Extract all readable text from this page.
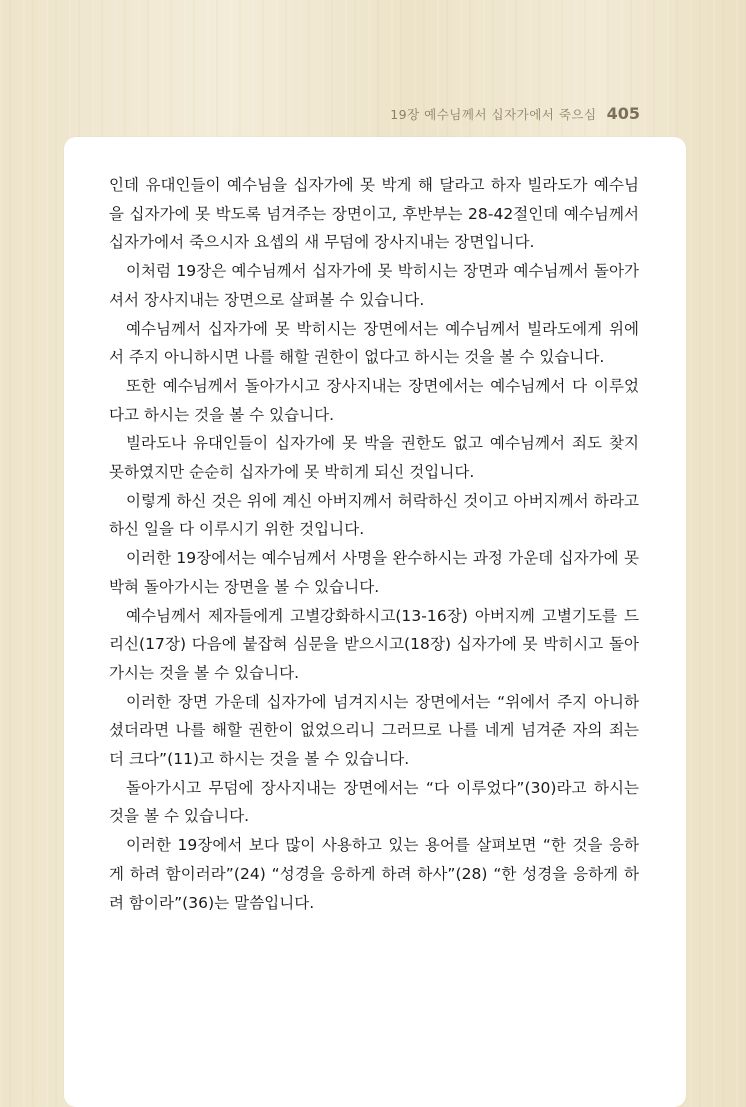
19장 예수님께서 십자가에서 죽으심 405

인데 유대인들이 예수님을 십자가에 못 박게 해 달라고 하자 빌라도가 예수님을 십자가에 못 박도록 넘겨주는 장면이고, 후반부는 28-42절인데 예수님께서 십자가에서 죽으시자 요셉의 새 무덤에 장사지내는 장면입니다.

이처럼 19장은 예수님께서 십자가에 못 박히시는 장면과 예수님께서 돌아가셔서 장사지내는 장면으로 살펴볼 수 있습니다.

예수님께서 십자가에 못 박히시는 장면에서는 예수님께서 빌라도에게 위에서 주지 아니하시면 나를 해할 권한이 없다고 하시는 것을 볼 수 있습니다.

또한 예수님께서 돌아가시고 장사지내는 장면에서는 예수님께서 다 이루었다고 하시는 것을 볼 수 있습니다.

빌라도나 유대인들이 십자가에 못 박을 권한도 없고 예수님께서 죄도 찾지 못하였지만 순순히 십자가에 못 박히게 되신 것입니다.

이렇게 하신 것은 위에 계신 아버지께서 허락하신 것이고 아버지께서 하라고 하신 일을 다 이루시기 위한 것입니다.

이러한 19장에서는 예수님께서 사명을 완수하시는 과정 가운데 십자가에 못 박혀 돌아가시는 장면을 볼 수 있습니다.

예수님께서 제자들에게 고별강화하시고(13-16장) 아버지께 고별기도를 드리신(17장) 다음에 붙잡혀 심문을 받으시고(18장) 십자가에 못 박히시고 돌아가시는 것을 볼 수 있습니다.

이러한 장면 가운데 십자가에 넘겨지시는 장면에서는 “위에서 주지 아니하셨더라면 나를 해할 권한이 없었으리니 그러므로 나를 네게 넘겨준 자의 죄는 더 크다”(11)고 하시는 것을 볼 수 있습니다.

돌아가시고 무덤에 장사지내는 장면에서는 “다 이루었다”(30)라고 하시는 것을 볼 수 있습니다.

이러한 19장에서 보다 많이 사용하고 있는 용어를 살펴보면 “한 것을 응하게 하려 함이러라”(24) “성경을 응하게 하려 하사”(28) “한 성경을 응하게 하려 함이라”(36)는 말씀입니다.
